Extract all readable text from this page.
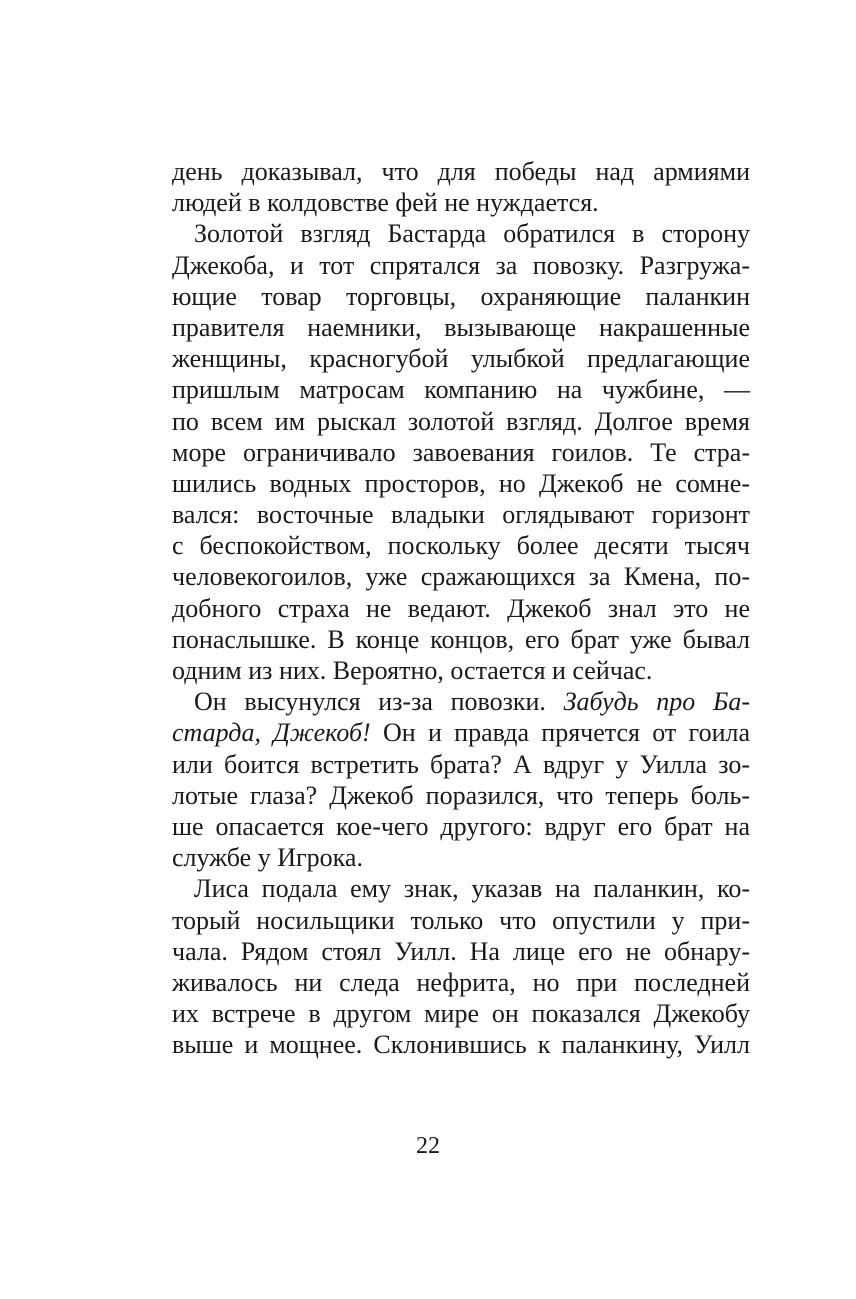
день доказывал, что для победы над армиями
людей в колдовстве фей не нуждается.
Золотой взгляд Бастарда обратился в сторону
Джекоба, и тот спрятался за повозку. Разгружа-
ющие товар торговцы, охраняющие паланкин
правителя наемники, вызывающе накрашенные
женщины, красногубой улыбкой предлагающие
пришлым матросам компанию на чужбине, —
по всем им рыскал золотой взгляд. Долгое время
море ограничивало завоевания гоилов. Те стра-
шились водных просторов, но Джекоб не сомне-
вался: восточные владыки оглядывают горизонт
с беспокойством, поскольку более десяти тысяч
человекогоилов, уже сражающихся за Кмена, по-
добного страха не ведают. Джекоб знал это не
понаслышке. В конце концов, его брат уже бывал
одним из них. Вероятно, остается и сейчас.
Он высунулся из-за повозки. Забудь про Ба-
старда, Джекоб! Он и правда прячется от гоила
или боится встретить брата? А вдруг у Уилла зо-
лотые глаза? Джекоб поразился, что теперь боль-
ше опасается кое-чего другого: вдруг его брат на
службе у Игрока.
Лиса подала ему знак, указав на паланкин, ко-
торый носильщики только что опустили у при-
чала. Рядом стоял Уилл. На лице его не обнару-
живалось ни следа нефрита, но при последней
их встрече в другом мире он показался Джекобу
выше и мощнее. Склонившись к паланкину, Уилл
22
